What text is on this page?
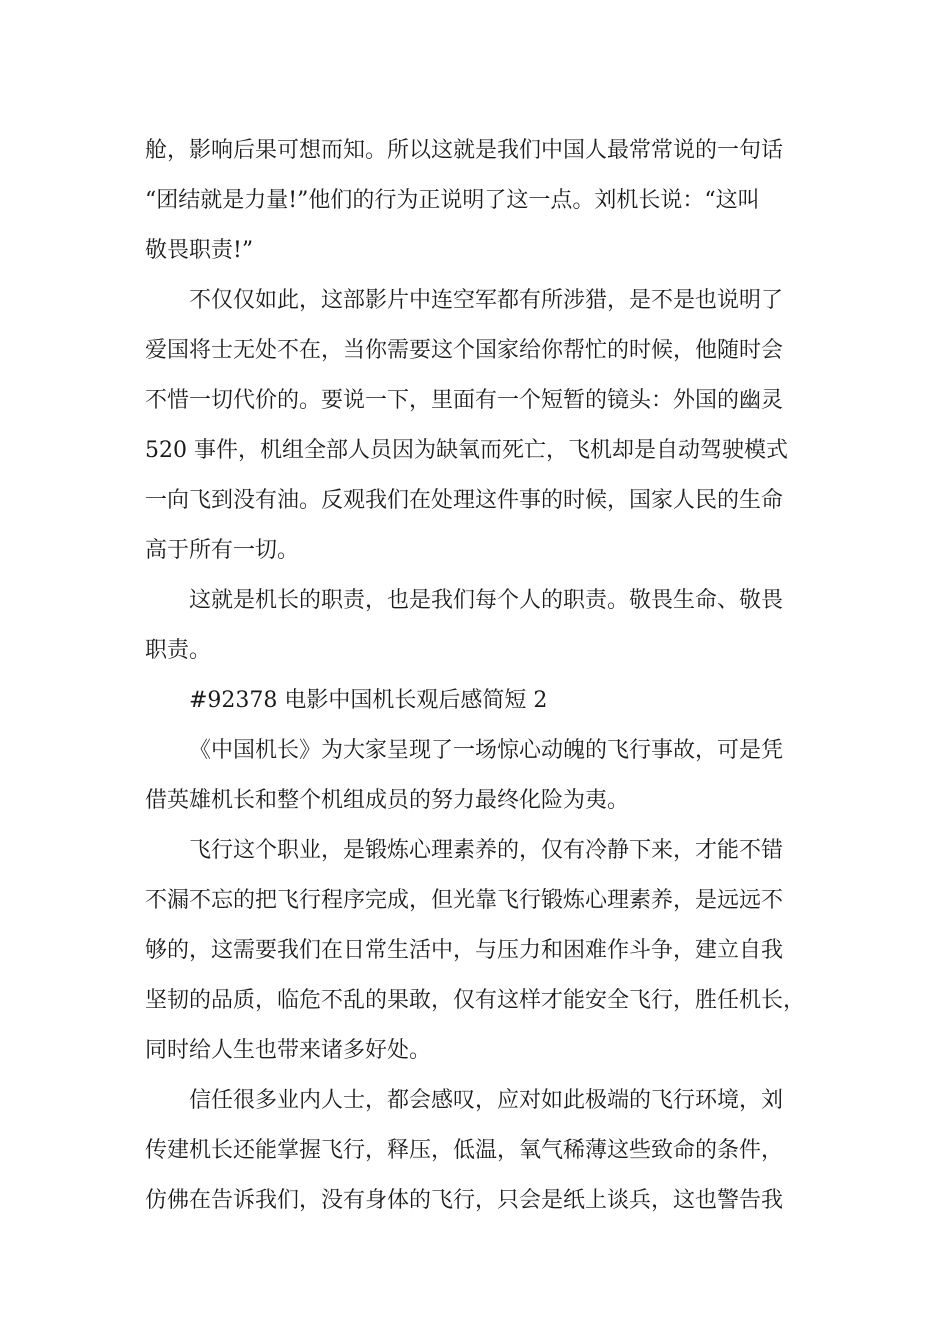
舱，影响后果可想而知。所以这就是我们中国人最常常说的一句话
“团结就是力量!”他们的行为正说明了这一点。刘机长说：“这叫
敬畏职责!”
不仅仅如此，这部影片中连空军都有所涉猎，是不是也说明了
爱国将士无处不在，当你需要这个国家给你帮忙的时候，他随时会
不惜一切代价的。要说一下，里面有一个短暂的镜头：外国的幽灵
520 事件，机组全部人员因为缺氧而死亡，飞机却是自动驾驶模式
一向飞到没有油。反观我们在处理这件事的时候，国家人民的生命
高于所有一切。
这就是机长的职责，也是我们每个人的职责。敬畏生命、敬畏
职责。
#92378 电影中国机长观后感简短 2
《中国机长》为大家呈现了一场惊心动魄的飞行事故，可是凭
借英雄机长和整个机组成员的努力最终化险为夷。
飞行这个职业，是锻炼心理素养的，仅有冷静下来，才能不错
不漏不忘的把飞行程序完成，但光靠飞行锻炼心理素养，是远远不
够的，这需要我们在日常生活中，与压力和困难作斗争，建立自我
坚韧的品质，临危不乱的果敢，仅有这样才能安全飞行，胜任机长，
同时给人生也带来诸多好处。
信任很多业内人士，都会感叹，应对如此极端的飞行环境，刘
传建机长还能掌握飞行，释压，低温，氧气稀薄这些致命的条件，
仿佛在告诉我们，没有身体的飞行，只会是纸上谈兵，这也警告我
